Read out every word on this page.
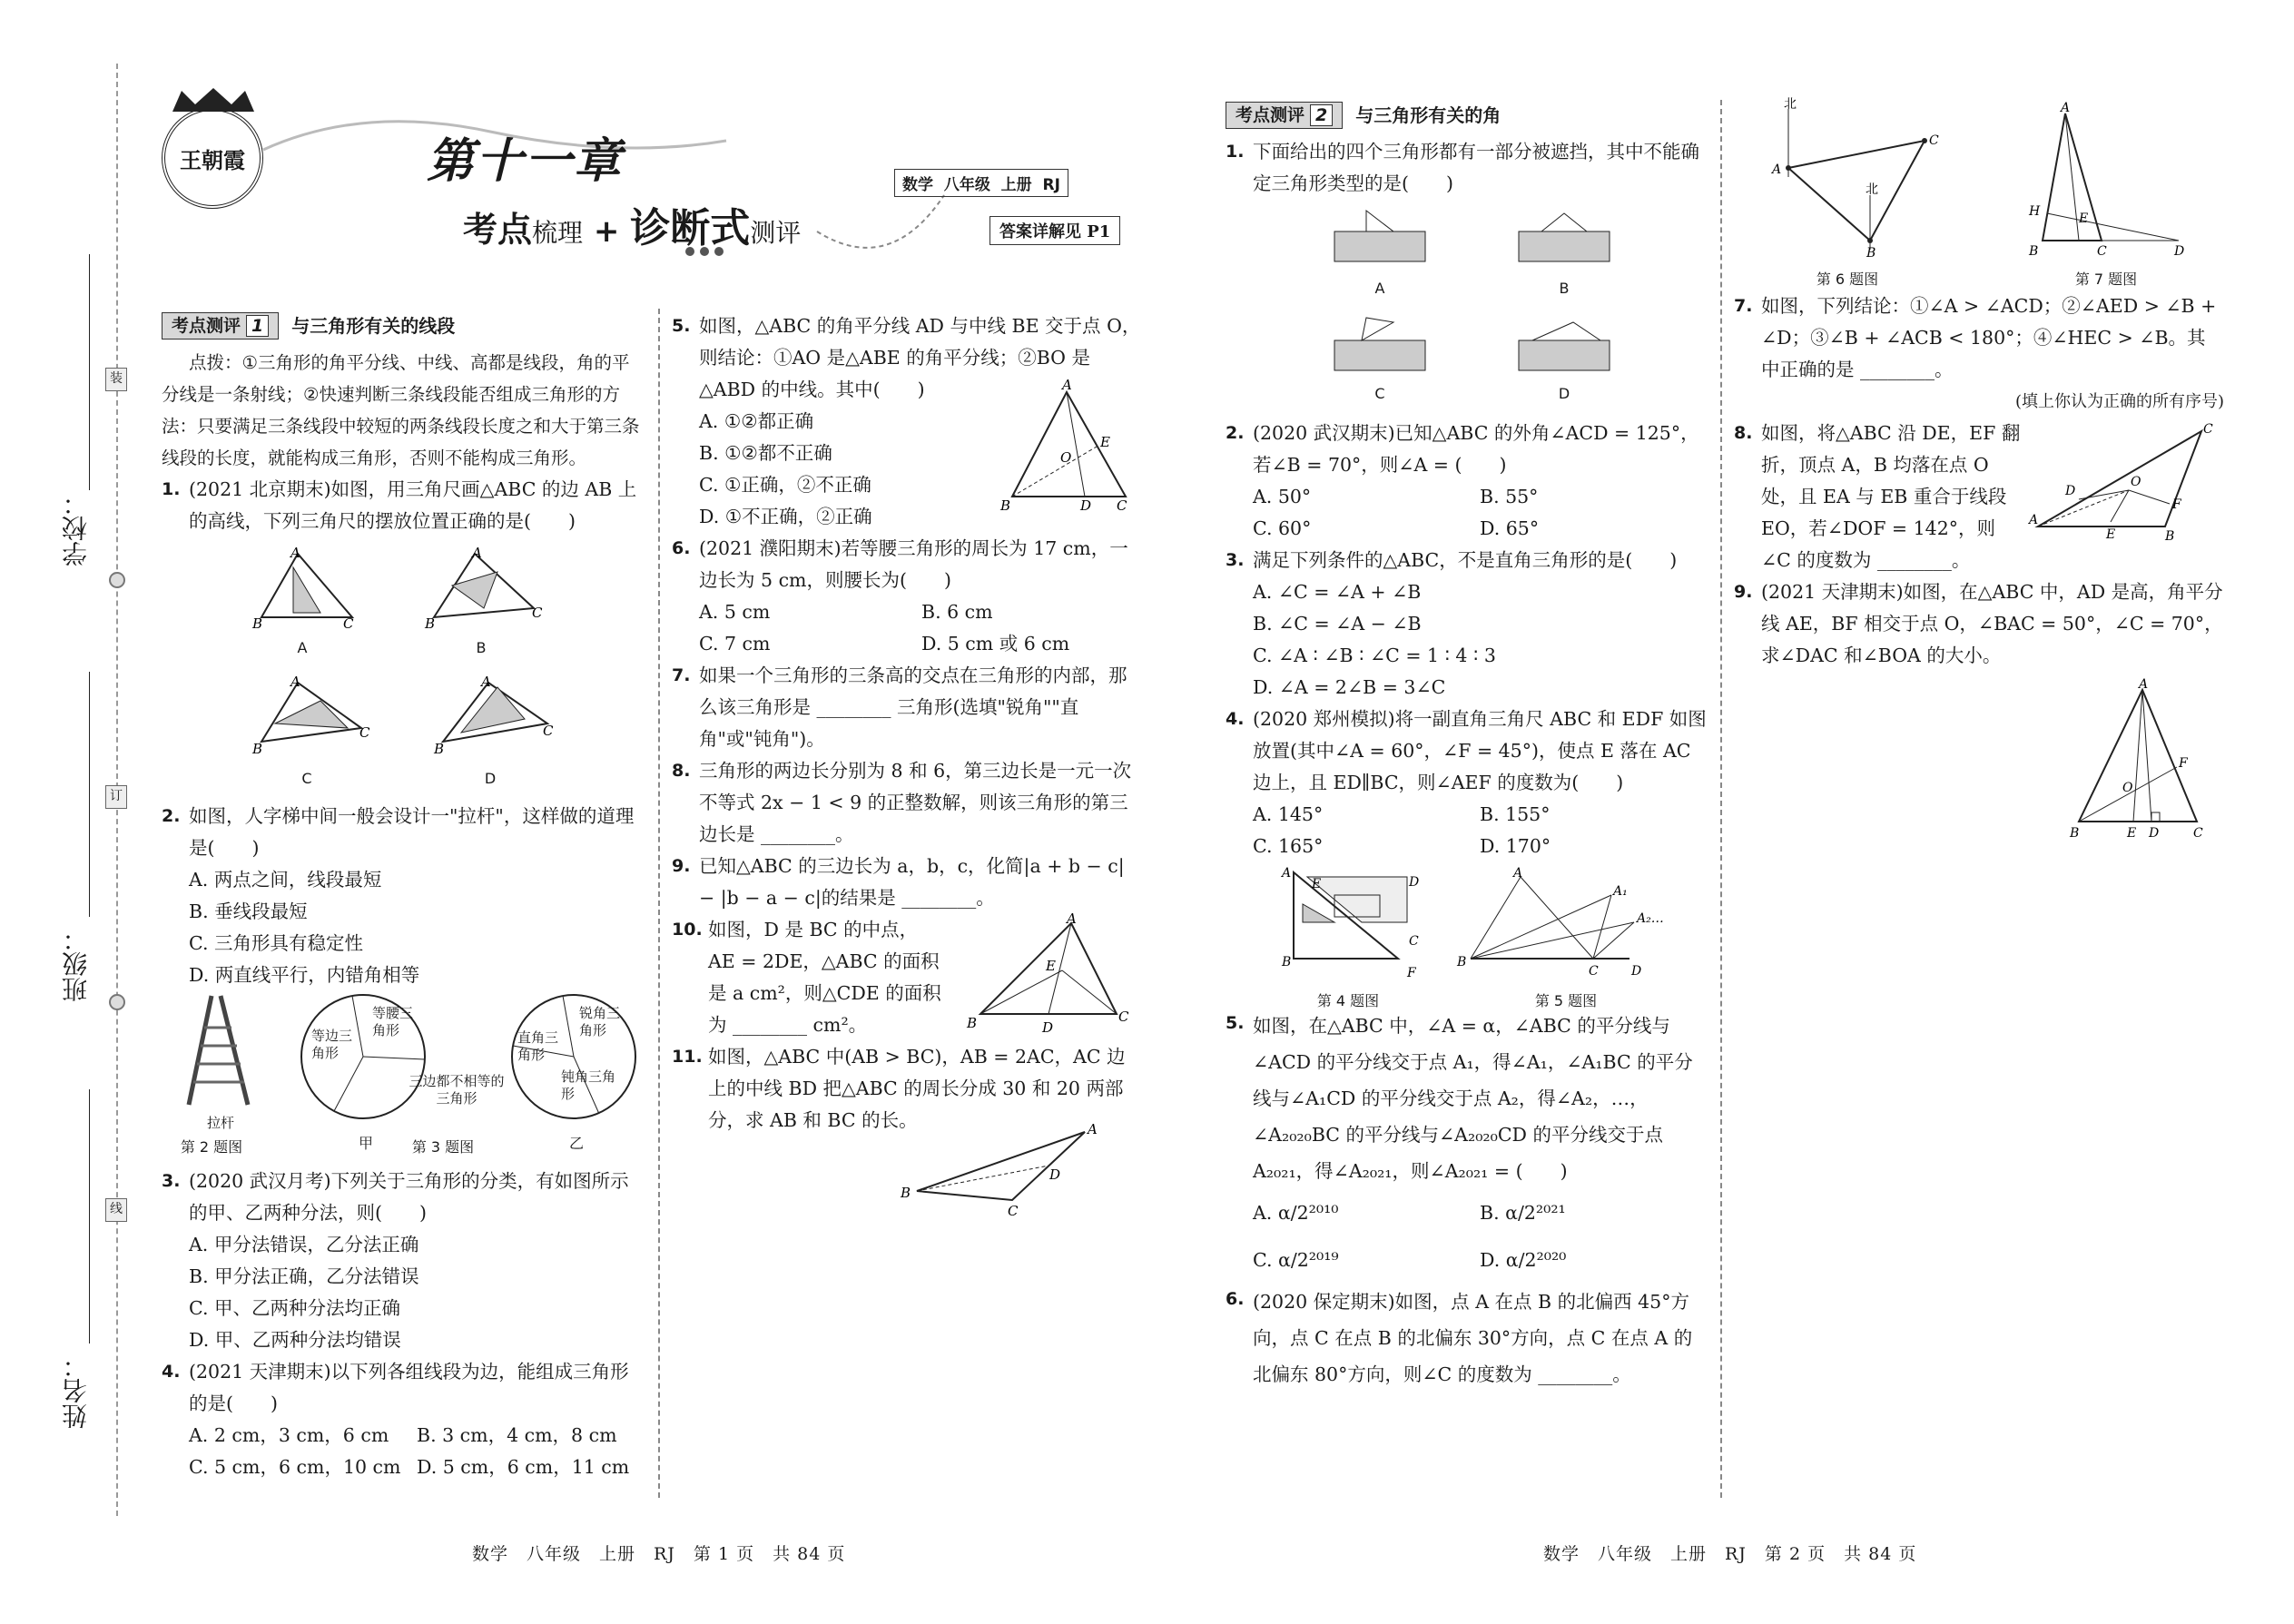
学校：
班级：
姓名：
装
订
线
王朝霞	第十一章
考点梳理 + 诊断式测评
数学  八年级  上册  RJ
答案详解见 P1
考点测评 1	与三角形有关的线段

点拨：①三角形的角平分线、中线、高都是线段，角的平分线是一条射线；②快速判断三条线段能否组成三角形的方法：只要满足三条线段中较短的两条线段长度之和大于第三条线段的长度，就能构成三角形，否则不能构成三角形。

1. (2021 北京期末)如图，用三角尺画△ABC 的边 AB 上的高线，下列三角尺的摆放位置正确的是(　　)
B	C
A
A
B
C
A
B
B
C
A
C
B
C
A
D
2. 如图，人字梯中间一般会设计一"拉杆"，这样做的道理是(　　)

A. 两点之间，线段最短

B. 垂线段最短

C. 三角形具有稳定性

D. 两直线平行，内错角相等

拉杆
等腰三角形
等边三角形
三边都不相等的三角形
甲
锐角三角形
直角三角形
钝角三角形
乙
第 2 题图	第 3 题图
3. (2020 武汉月考)下列关于三角形的分类，有如图所示的甲、乙两种分法，则(　　)

A. 甲分法错误，乙分法正确

B. 甲分法正确，乙分法错误

C. 甲、乙两种分法均正确

D. 甲、乙两种分法均错误

4. (2021 天津期末)以下列各组线段为边，能组成三角形的是(　　)
A. 2 cm，3 cm，6 cm	B. 3 cm，4 cm，8 cm
C. 5 cm，6 cm，10 cm D. 5 cm，6 cm，11 cm
5. 如图，△ABC 的角平分线 AD 与中线 BE 交于点 O，则结论：①AO 是△ABE 的角平分线；②BO 是△ABD 的中线。其中(　　)

A. ①②都正确

B. ①②都不正确

C. ①正确，②不正确

D. ①不正确，②正确

A
B	C
D
E
O
6. (2021 濮阳期末)若等腰三角形的周长为 17 cm，一边长为 5 cm，则腰长为(　　)
A. 5 cm	B. 6 cm
C. 7 cm	D. 5 cm 或 6 cm
7. 如果一个三角形的三条高的交点在三角形的内部，那么该三角形是 ________ 三角形(选填"锐角""直角"或"钝角")。
8. 三角形的两边长分别为 8 和 6，第三边长是一元一次不等式 2x − 1 < 9 的正整数解，则该三角形的第三边长是 ________。
9. 已知△ABC 的三边长为 a，b，c，化简|a + b − c| − |b − a − c|的结果是 ________。
10. 如图，D 是 BC 的中点，AE = 2DE，△ABC 的面积是 a cm²，则△CDE 的面积为 ________ cm²。
A
B	C
D
E
11. 如图，△ABC 中(AB > BC)，AB = 2AC，AC 边上的中线 BD 把△ABC 的周长分成 30 和 20 两部分，求 AB 和 BC 的长。	A
B
C
D
考点测评 2	与三角形有关的角
1. 下面给出的四个三角形都有一部分被遮挡，其中不能确定三角形类型的是(　　)
A	B
C	D
2. (2020 武汉期末)已知△ABC 的外角∠ACD = 125°，若∠B = 70°，则∠A = (　　)
A. 50°	B. 55°
C. 60°	D. 65°
3. 满足下列条件的△ABC，不是直角三角形的是(　　)

A. ∠C = ∠A + ∠B

B. ∠C = ∠A − ∠B

C. ∠A ∶ ∠B ∶ ∠C = 1 ∶ 4 ∶ 3

D. ∠A = 2∠B = 3∠C

4. (2020 郑州模拟)将一副直角三角尺 ABC 和 EDF 如图放置(其中∠A = 60°，∠F = 45°)，使点 E 落在 AC 边上，且 ED∥BC，则∠AEF 的度数为(　　)
A. 145°	B. 155°
C. 165°	D. 170°
A
B
F
E	D
C
第 4 题图
A
B
C	D
A₁
A₂…
第 5 题图
5. 如图，在△ABC 中，∠A = α，∠ABC 的平分线与∠ACD 的平分线交于点 A₁，得∠A₁，∠A₁BC 的平分线与∠A₁CD 的平分线交于点 A₂，得∠A₂，…，∠A₂₀₂₀BC 的平分线与∠A₂₀₂₀CD 的平分线交于点 A₂₀₂₁，得∠A₂₀₂₁，则∠A₂₀₂₁ = (　　)
A. α/2²⁰¹⁰	B. α/2²⁰²¹
C. α/2²⁰¹⁹	D. α/2²⁰²⁰
6. (2020 保定期末)如图，点 A 在点 B 的北偏西 45°方向，点 C 在点 B 的北偏东 30°方向，点 C 在点 A 的北偏东 80°方向，则∠C 的度数为 ________。
北
北
A
B
C
第 6 题图
A
B	C	D
E
H
第 7 题图
7. 如图，下列结论：①∠A > ∠ACD；②∠AED > ∠B + ∠D；③∠B + ∠ACB < 180°；④∠HEC > ∠B。其中正确的是 ________。

(填上你认为正确的所有序号)

8. 如图，将△ABC 沿 DE，EF 翻折，顶点 A，B 均落在点 O 处，且 EA 与 EB 重合于线段 EO，若∠DOF = 142°，则∠C 的度数为 ________。
O
C
A
B
D
F
E
9. (2021 天津期末)如图，在△ABC 中，AD 是高，角平分线 AE，BF 相交于点 O，∠BAC = 50°，∠C = 70°，求∠DAC 和∠BOA 的大小。
A
B	E D	C
F
O
数学　八年级　上册　RJ　第 1 页　共 84 页	数学　八年级　上册　RJ　第 2 页　共 84 页
